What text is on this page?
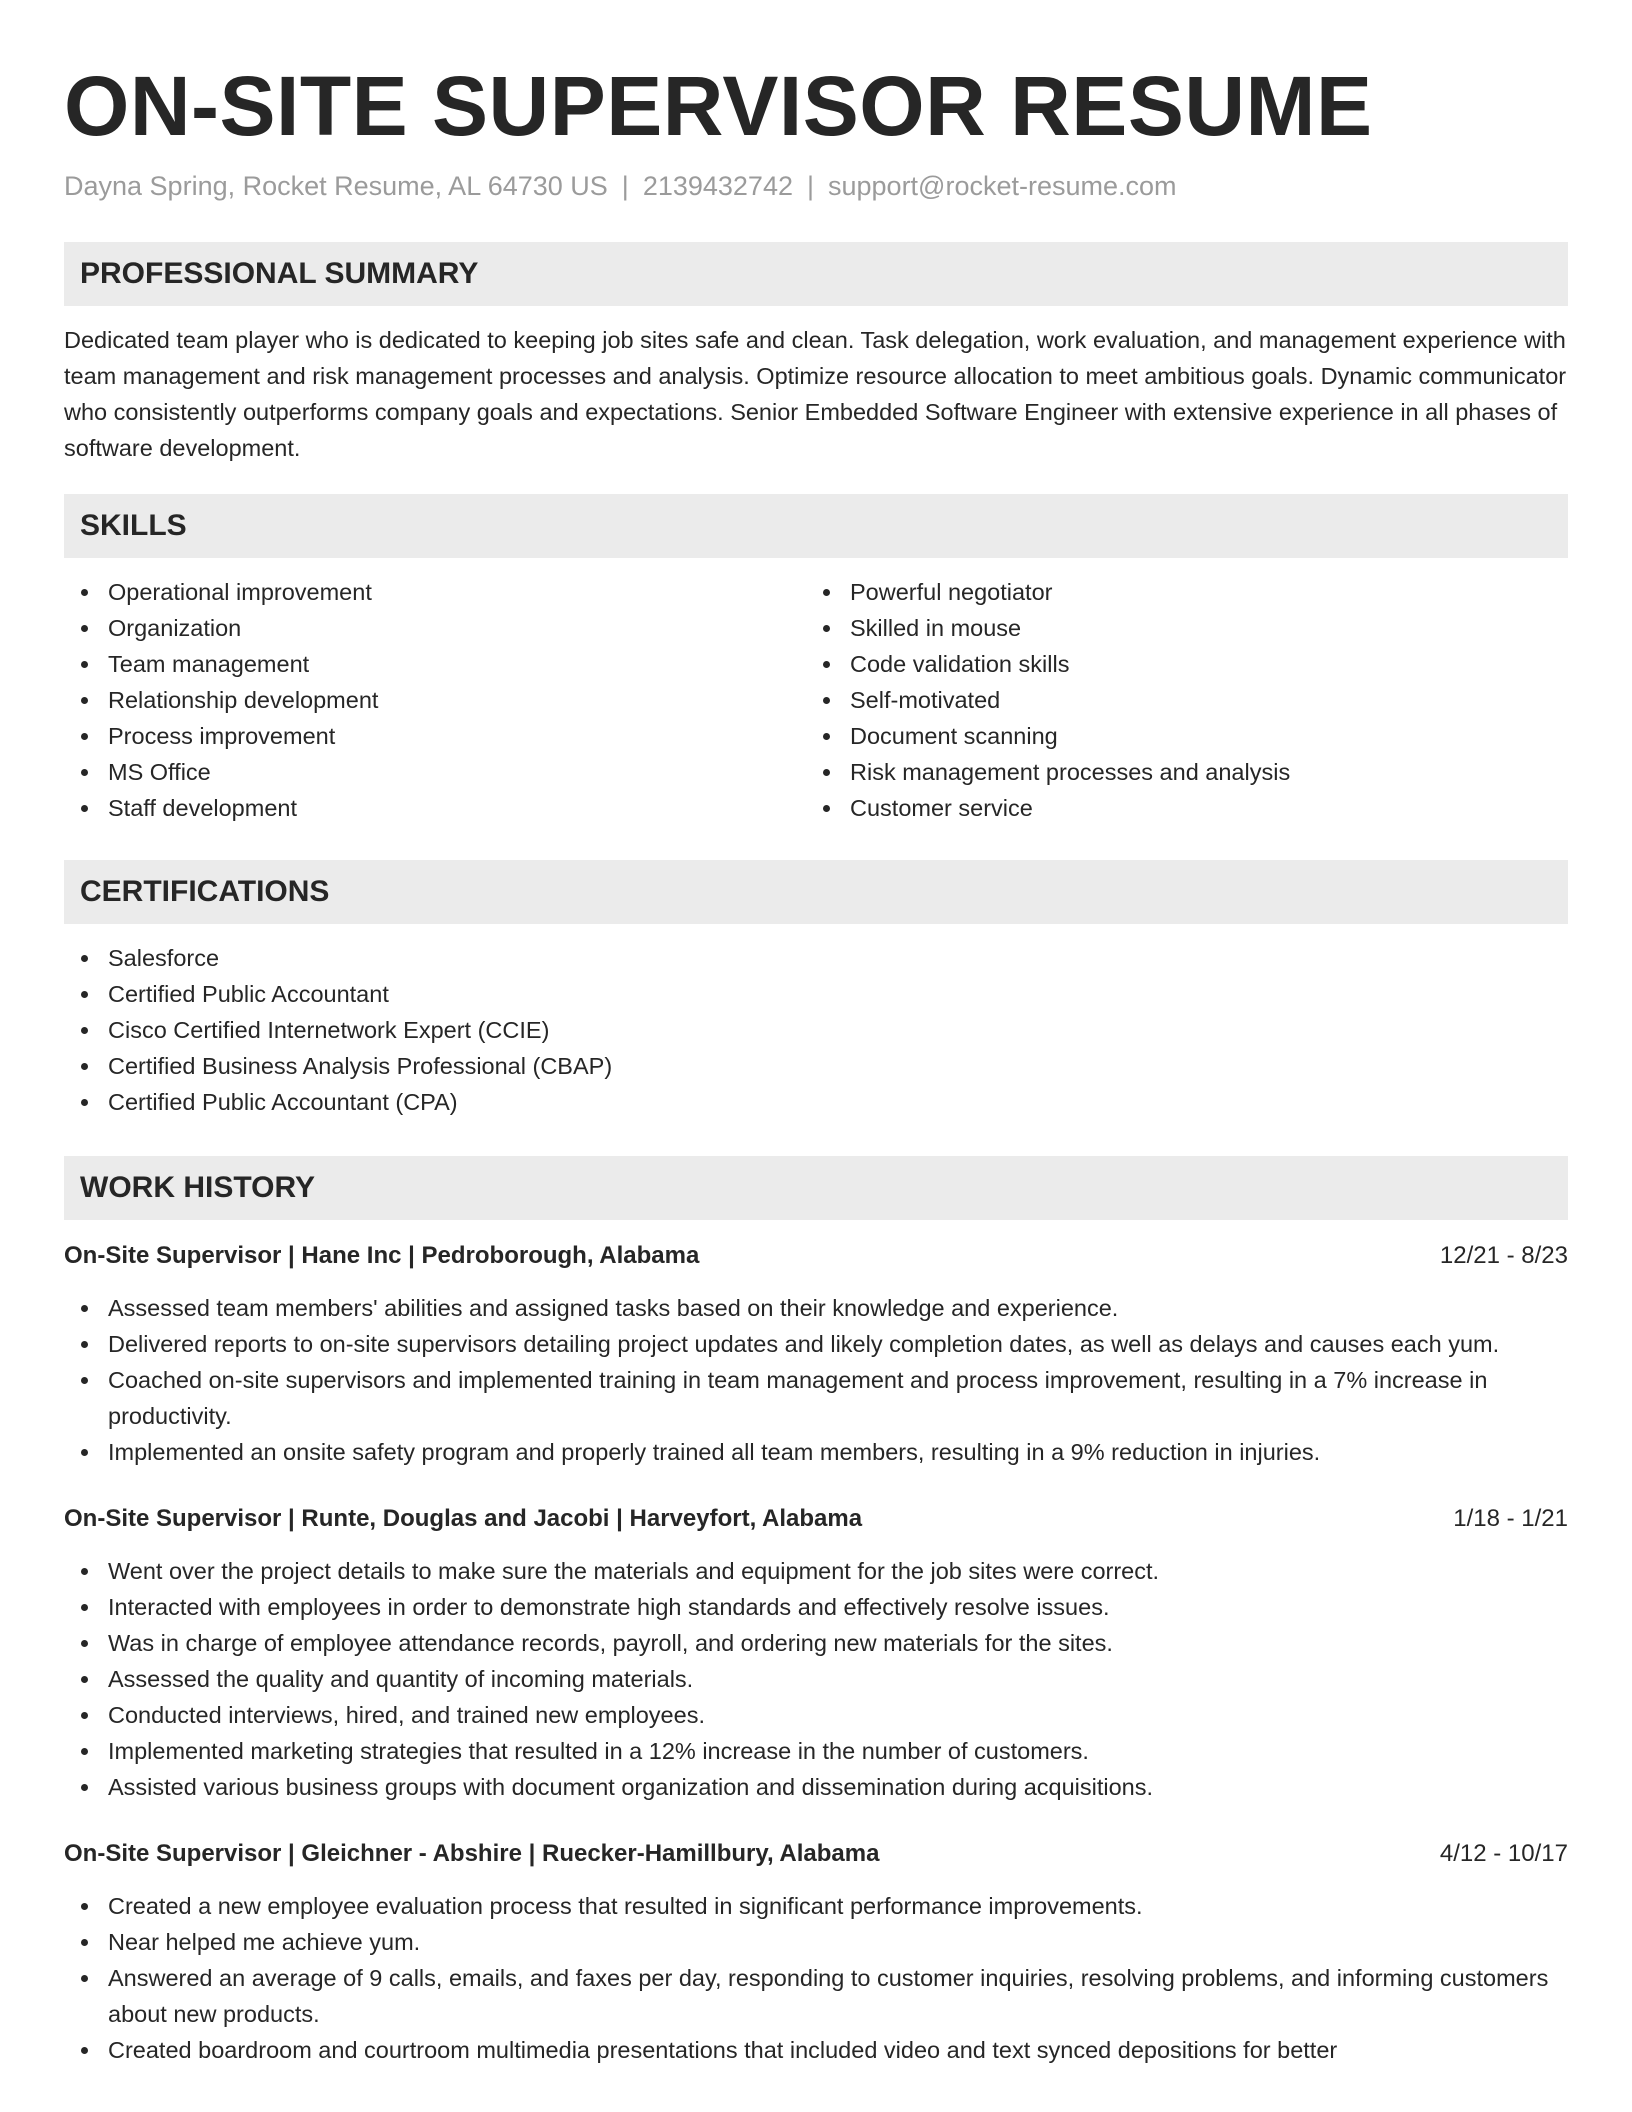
ON-SITE SUPERVISOR RESUME
Dayna Spring, Rocket Resume, AL 64730 US | 2139432742 | support@rocket-resume.com
PROFESSIONAL SUMMARY

Dedicated team player who is dedicated to keeping job sites safe and clean. Task delegation, work evaluation, and management experience with team management and risk management processes and analysis. Optimize resource allocation to meet ambitious goals. Dynamic communicator who consistently outperforms company goals and expectations. Senior Embedded Software Engineer with extensive experience in all phases of software development.

SKILLS
Operational improvement
Organization
Team management
Relationship development
Process improvement
MS Office
Staff development
Powerful negotiator
Skilled in mouse
Code validation skills
Self-motivated
Document scanning
Risk management processes and analysis
Customer service
CERTIFICATIONS
Salesforce
Certified Public Accountant
Cisco Certified Internetwork Expert (CCIE)
Certified Business Analysis Professional (CBAP)
Certified Public Accountant (CPA)
WORK HISTORY
On-Site Supervisor | Hane Inc | Pedroborough, Alabama	12/21 - 8/23
Assessed team members' abilities and assigned tasks based on their knowledge and experience.
Delivered reports to on-site supervisors detailing project updates and likely completion dates, as well as delays and causes each yum.
Coached on-site supervisors and implemented training in team management and process improvement, resulting in a 7% increase in productivity.
Implemented an onsite safety program and properly trained all team members, resulting in a 9% reduction in injuries.
On-Site Supervisor | Runte, Douglas and Jacobi | Harveyfort, Alabama	1/18 - 1/21
Went over the project details to make sure the materials and equipment for the job sites were correct.
Interacted with employees in order to demonstrate high standards and effectively resolve issues.
Was in charge of employee attendance records, payroll, and ordering new materials for the sites.
Assessed the quality and quantity of incoming materials.
Conducted interviews, hired, and trained new employees.
Implemented marketing strategies that resulted in a 12% increase in the number of customers.
Assisted various business groups with document organization and dissemination during acquisitions.
On-Site Supervisor | Gleichner - Abshire | Ruecker-Hamillbury, Alabama	4/12 - 10/17
Created a new employee evaluation process that resulted in significant performance improvements.
Near helped me achieve yum.
Answered an average of 9 calls, emails, and faxes per day, responding to customer inquiries, resolving problems, and informing customers about new products.
Created boardroom and courtroom multimedia presentations that included video and text synced depositions for better
